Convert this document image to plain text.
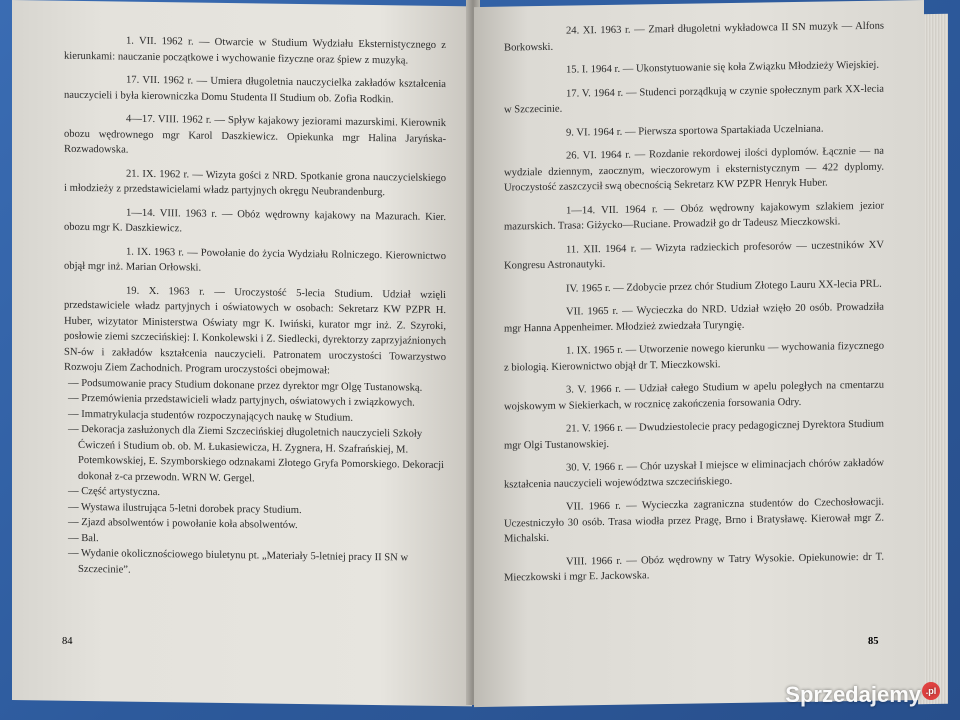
1. VII. 1962 r. — Otwarcie w Studium Wydziału Eksternistycznego z kierunkami: nauczanie początkowe i wychowanie fizyczne oraz śpiew z muzyką.

17. VII. 1962 r. — Umiera długoletnia nauczycielka zakładów kształcenia nauczycieli i była kierowniczka Domu Studenta II Studium ob. Zofia Rodkin.

4—17. VIII. 1962 r. — Spływ kajakowy jeziorami mazurskimi. Kierownik obozu wędrownego mgr Karol Daszkiewicz. Opiekunka mgr Halina Jaryńska-Rozwadowska.

21. IX. 1962 r. — Wizyta gości z NRD. Spotkanie grona nauczycielskiego i młodzieży z przedstawicielami władz partyjnych okręgu Neubrandenburg.

1—14. VIII. 1963 r. — Obóz wędrowny kajakowy na Mazurach. Kier. obozu mgr K. Daszkiewicz.

1. IX. 1963 r. — Powołanie do życia Wydziału Rolniczego. Kierownictwo objął mgr inż. Marian Orłowski.

19. X. 1963 r. — Uroczystość 5-lecia Studium. Udział wzięli przedstawiciele władz partyjnych i oświatowych w osobach: Sekretarz KW PZPR H. Huber, wizytator Ministerstwa Oświaty mgr K. Iwiński, kurator mgr inż. Z. Szyroki, posłowie ziemi szczecińskiej: I. Konkolewski i Z. Siedlecki, dyrektorzy zaprzyjaźnionych SN-ów i zakładów kształcenia nauczycieli. Patronatem uroczystości Towarzystwo Rozwoju Ziem Zachodnich. Program uroczystości obejmował:

— Podsumowanie pracy Studium dokonane przez dyrektor mgr Olgę Tustanowską.

— Przemówienia przedstawicieli władz partyjnych, oświatowych i związkowych.

— Immatrykulacja studentów rozpoczynających naukę w Studium.

— Dekoracja zasłużonych dla Ziemi Szczecińskiej długoletnich nauczycieli Szkoły Ćwiczeń i Studium ob. ob. M. Łukasiewicza, H. Zygnera, H. Szafrańskiej, M. Potemkowskiej, E. Szymborskiego odznakami Złotego Gryfa Pomorskiego. Dekoracji dokonał z-ca przewodn. WRN W. Gergel.

— Część artystyczna.

— Wystawa ilustrująca 5-letni dorobek pracy Studium.

— Zjazd absolwentów i powołanie koła absolwentów.

— Bal.

— Wydanie okolicznościowego biuletynu pt. „Materiały 5-letniej pracy II SN w Szczecinie”.

24. XI. 1963 r. — Zmarł długoletni wykładowca II SN muzyk — Alfons Borkowski.

15. I. 1964 r. — Ukonstytuowanie się koła Związku Młodzieży Wiejskiej.

17. V. 1964 r. — Studenci porządkują w czynie społecznym park XX-lecia w Szczecinie.

9. VI. 1964 r. — Pierwsza sportowa Spartakiada Uczelniana.

26. VI. 1964 r. — Rozdanie rekordowej ilości dyplomów. Łącznie — na wydziale dziennym, zaocznym, wieczorowym i eksternistycznym — 422 dyplomy. Uroczystość zaszczycił swą obecnością Sekretarz KW PZPR Henryk Huber.

1—14. VII. 1964 r. — Obóz wędrowny kajakowym szlakiem jezior mazurskich. Trasa: Giżycko—Ruciane. Prowadził go dr Tadeusz Mieczkowski.

11. XII. 1964 r. — Wizyta radzieckich profesorów — uczestników XV Kongresu Astronautyki.

IV. 1965 r. — Zdobycie przez chór Studium Złotego Lauru XX-lecia PRL.

VII. 1965 r. — Wycieczka do NRD. Udział wzięło 20 osób. Prowadziła mgr Hanna Appenheimer. Młodzież zwiedzała Turyngię.

1. IX. 1965 r. — Utworzenie nowego kierunku — wychowania fizycznego z biologią. Kierownictwo objął dr T. Mieczkowski.

3. V. 1966 r. — Udział całego Studium w apelu poległych na cmentarzu wojskowym w Siekierkach, w rocznicę zakończenia forsowania Odry.

21. V. 1966 r. — Dwudziestolecie pracy pedagogicznej Dyrektora Studium mgr Olgi Tustanowskiej.

30. V. 1966 r. — Chór uzyskał I miejsce w eliminacjach chórów zakładów kształcenia nauczycieli województwa szczecińskiego.

VII. 1966 r. — Wycieczka zagraniczna studentów do Czechosłowacji. Uczestniczyło 30 osób. Trasa wiodła przez Pragę, Brno i Bratysławę. Kierował mgr Z. Michalski.

VIII. 1966 r. — Obóz wędrowny w Tatry Wysokie. Opiekunowie: dr T. Mieczkowski i mgr E. Jackowska.

84	85
Sprzedajemy .pl
